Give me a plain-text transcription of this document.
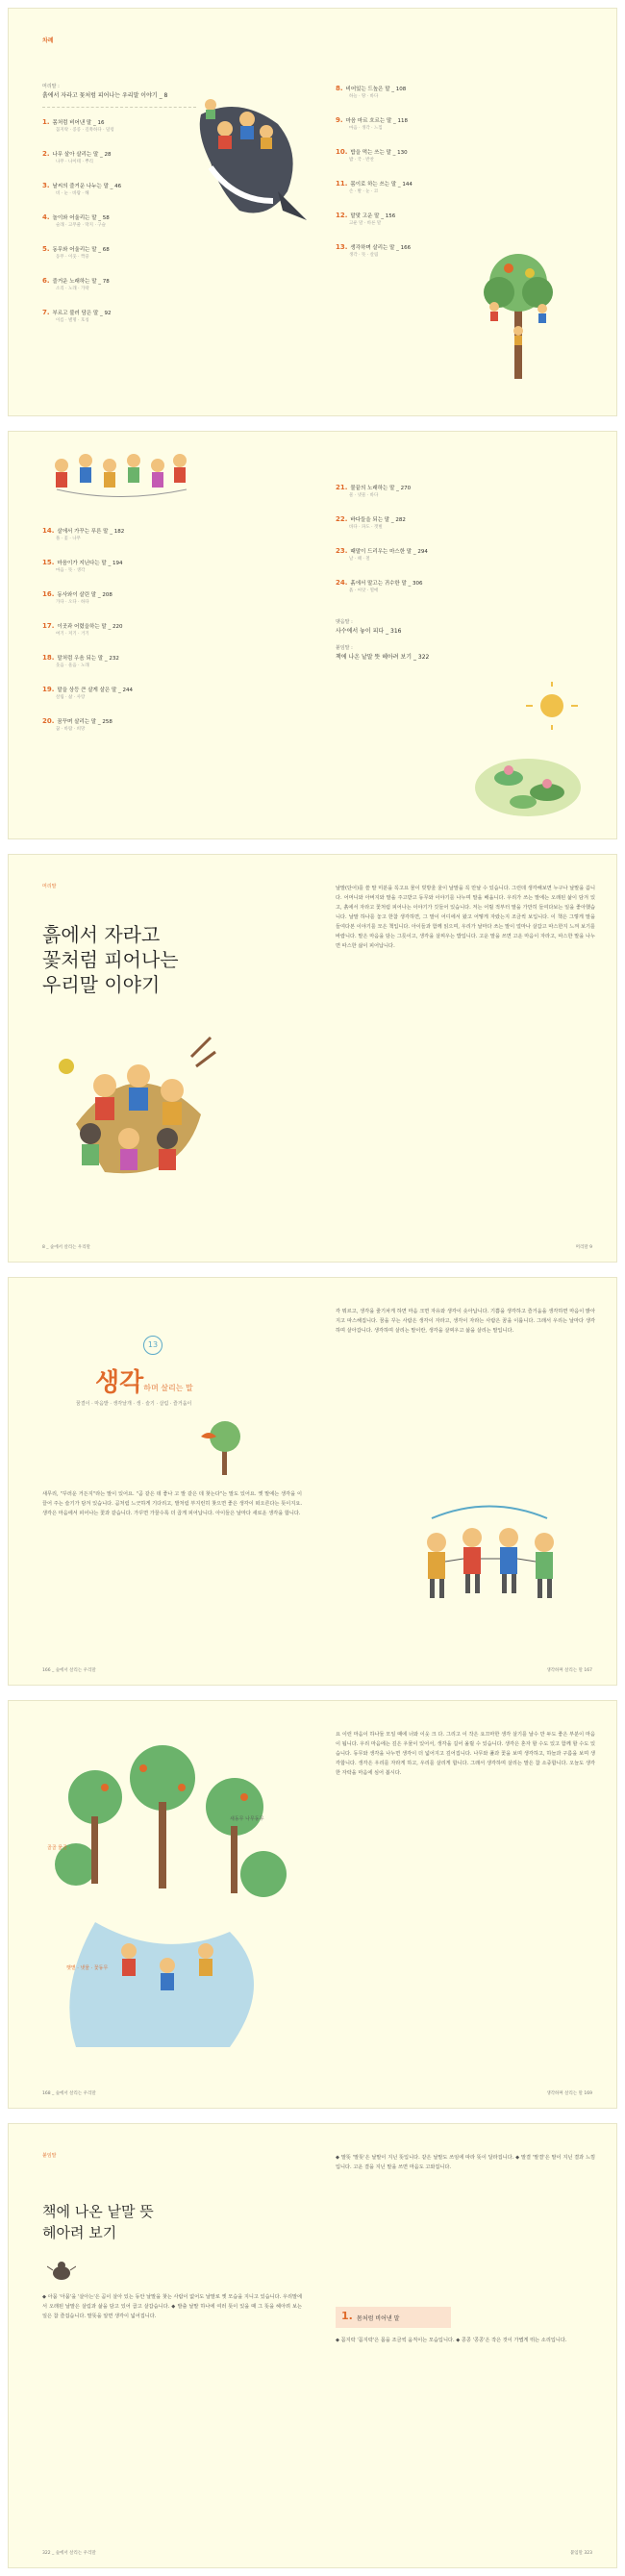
차례
머리말 :
흙에서 자라고 꽃처럼 피어나는 우리말 이야기 _ 8
1. 몸처럼 비어낸 말 _ 16
꼼지락 · 콩콩 · 길쭉하다 · 덜렁
2. 나무 살아 살리는 말 _ 28
나무 · 나이테 · 뿌리
3. 날씨의 즐거운 나누는 말 _ 46
비 · 눈 · 바람 · 해
4. 놀이와 어울리는 말 _ 58
술래 · 고무줄 · 딱지 · 구슬
5. 동무와 어울리는 말 _ 68
동무 · 이웃 · 짝꿍
6. 즐거운 노래하는 말 _ 78
소리 · 노래 · 가락
7. 부르고 불러 담은 말 _ 92
이름 · 별명 · 호칭
8. 비어있는 드높은 말 _ 108
하늘 · 땅 · 바다
9. 마음 마르 흐르는 말 _ 118
마음 · 생각 · 느낌
10. 밥을 먹는 쓰는 말 _ 130
밥 · 국 · 반찬
11. 몸이로 하는 쓰는 말 _ 144
손 · 발 · 눈 · 코
12. 말맞 고운 말 _ 156
고운 말 · 바른 말
13. 생각하며 살리는 말 _ 166
생각 · 뜻 · 살림
14. 살에서 가꾸는 푸른 말 _ 182
풀 · 꽃 · 나무
15. 마음이가 지닌다는 말 _ 194
마음 · 뜻 · 생각
16. 동사와이 살린 말 _ 208
가다 · 오다 · 하다
17. 이곳과 어렸을하는 말 _ 220
여기 · 저기 · 거기
18. 말처럼 우음 되는 말 _ 232
웃음 · 울음 · 노래
19. 말을 상등 큰 살게 살은 말 _ 244
살림 · 삶 · 사랑
20. 꿈꾸며 살리는 말 _ 258
꿈 · 바람 · 희망
21. 물끝의 노래하는 말 _ 270
물 · 냇물 · 바다
22. 바다들을 되는 말 _ 282
바다 · 파도 · 갯벌
23. 때말이 드리우는 마스한 말 _ 294
날 · 때 · 철
24. 흙에서 말고는 귀수한 말 _ 306
흙 · 씨앗 · 열매
맺음말 :
사수에서 놓이 피다 _ 316
붙임말 :
책에 나온 낱말 뜻 헤아려 보기 _ 322
머리말
흙에서 자라고
꽃처럼 피어나는
우리말 이야기
날말(단어)를 쓸 말 미분을 꼭고요 물이 빗방울 울이 날말을 꼭 만날 수 있습니다. 그런데 생각해보면 누구나 날말을 씀니다. 어머니와 아버지와 말을 주고받고 동무와 이야기를 나누며 말을 배웁니다. 우리가 쓰는 말에는 오래된 삶이 담겨 있고, 흙에서 자라고 꽃처럼 피어나는 이야기가 깃들어 있습니다. 저는 어릴 적부터 말을 가만히 들여다보는 일을 좋아했습니다. 날말 하나를 놓고 한참 생각하면, 그 말이 어디에서 왔고 어떻게 자랐는지 조금씩 보입니다. 이 책은 그렇게 말을 들여다본 이야기를 모은 책입니다. 아이들과 함께 읽으며, 우리가 날마다 쓰는 말이 얼마나 살갑고 따스한지 느껴 보기를 바랍니다. 말은 마음을 담는 그릇이고, 생각을 살찌우는 밥입니다. 고운 말을 쓰면 고운 마음이 자라고, 따스한 말을 나누면 따스한 삶이 피어납니다.
8 _ 숲에서 살리는 우리말	머리말 9
13
생각하며 살리는 말
꿈결이 · 마음밭 · 생각날개 · 생 · 슬기 · 살림 · 즐거움이
새무리, "꾸러운 거든지"라는 말이 있어요. "곰 같은 데 좋나 고 발 같은 데 찾는다"는 말도 있어요. 옛 말에는 생각을 이끌어 주는 슬기가 담겨 있습니다. 곰처럼 느긋하게 기다리고, 발처럼 부지런히 찾으면 좋은 생각이 떠오른다는 뜻이지요. 생각은 마음에서 피어나는 꽃과 같습니다. 가꾸면 가꿀수록 더 곱게 피어납니다. 아이들은 날마다 새로운 생각을 합니다.
각 뭐르고, 생각을 줄기차게 하면 마음 크면 자유와 생각이 솟아납니다. 기쁨을 생각하고 즐거움을 생각하면 마음이 밝아지고 따스해집니다. 꿈을 꾸는 사람은 생각이 자라고, 생각이 자라는 사람은 꿈을 이룹니다. 그래서 우리는 날마다 생각하며 살아갑니다. 생각하며 살리는 말이란, 생각을 살찌우고 삶을 살리는 말입니다.
166 _ 숲에서 살리는 우리말	생각하며 살리는 말 167
골골 물골 ·
새동무 나무동무
햇볕 · 냇물 · 꽃동무
요 이런 마음이 하나둘 모일 때에 너와 이웃 크 다. 그리고 이 작은 요끄마한 생각 살기를 날수 만 두도 좋은 부분이 마음이 됩니다. 우리 마음에는 깊은 우물이 있어서, 생각을 길어 올릴 수 있습니다. 생각은 혼자 할 수도 있고 함께 할 수도 있습니다. 동무와 생각을 나누면 생각이 더 넓어지고 깊어집니다. 나무와 풀과 꽃을 보며 생각하고, 하늘과 구름을 보며 생각합니다. 생각은 우리를 자라게 하고, 우리를 살리게 합니다. 그래서 생각하며 살리는 말은 참 소중합니다. 오늘도 생각 한 자락을 마음에 심어 봅시다.
168 _ 숲에서 살리는 우리말	생각하며 살리는 말 169
붙임말
책에 나온 낱말 뜻
헤아려 보기
◆ 아뭄 '아뭄'을 '살아는'은 곰이 살아 있는 동안 날말을 찾는 사람이 없어도 날말로 옛 모습을 지니고 있습니다. 우리말에서 오래된 날말은 살림과 삶을 담고 있어 곱고 살갑습니다. ◆ 발출 날말 하나에 여러 뜻이 있을 때 그 뜻을 헤아려 보는 일은 참 즐겁습니다. 말뜻을 알면 생각이 넓어집니다.
◆ 말뜻 '말뜻'은 날말이 지닌 뜻입니다. 같은 날말도 쓰임에 따라 뜻이 달라집니다. ◆ 말결 '말결'은 말이 지닌 결과 느낌입니다. 고운 결을 지닌 말을 쓰면 마음도 고와집니다.
1. 몸처럼 비어낸 말
◆ 꼼지락 '꼼지락'은 몸을 조금씩 움직이는 모습입니다. ◆ 콩콩 '콩콩'은 작은 것이 가볍게 뛰는 소리입니다.
322 _ 숲에서 살리는 우리말	붙임말 323
